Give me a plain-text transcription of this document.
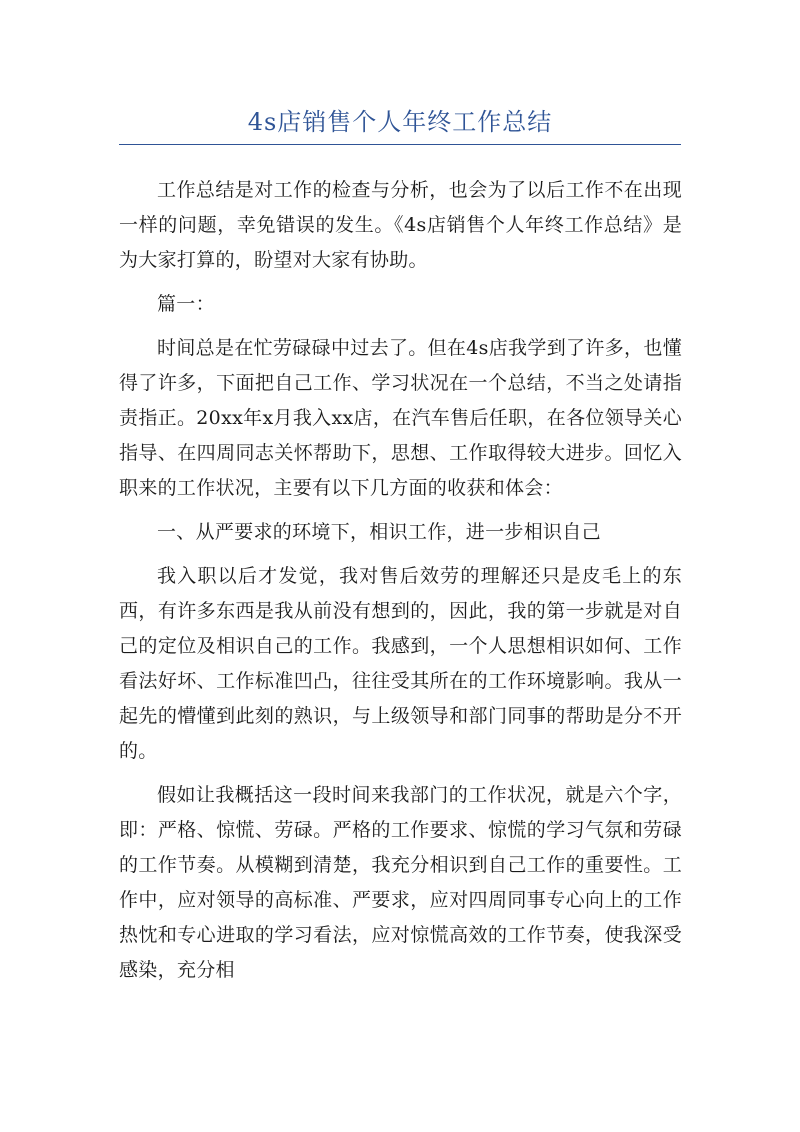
4s店销售个人年终工作总结

工作总结是对工作的检查与分析，也会为了以后工作不在出现一样的问题，幸免错误的发生。《4s店销售个人年终工作总结》是为大家打算的，盼望对大家有协助。

篇一：

时间总是在忙劳碌碌中过去了。但在4s店我学到了许多，也懂得了许多，下面把自己工作、学习状况在一个总结，不当之处请指责指正。20xx年x月我入xx店，在汽车售后任职，在各位领导关心指导、在四周同志关怀帮助下，思想、工作取得较大进步。回忆入职来的工作状况，主要有以下几方面的收获和体会：

一、从严要求的环境下，相识工作，进一步相识自己

我入职以后才发觉，我对售后效劳的理解还只是皮毛上的东西，有许多东西是我从前没有想到的，因此，我的第一步就是对自己的定位及相识自己的工作。我感到，一个人思想相识如何、工作看法好坏、工作标准凹凸，往往受其所在的工作环境影响。我从一起先的懵懂到此刻的熟识，与上级领导和部门同事的帮助是分不开的。

假如让我概括这一段时间来我部门的工作状况，就是六个字，即：严格、惊慌、劳碌。严格的工作要求、惊慌的学习气氛和劳碌的工作节奏。从模糊到清楚，我充分相识到自己工作的重要性。工作中，应对领导的高标准、严要求，应对四周同事专心向上的工作热忱和专心进取的学习看法，应对惊慌高效的工作节奏，使我深受感染，充分相
